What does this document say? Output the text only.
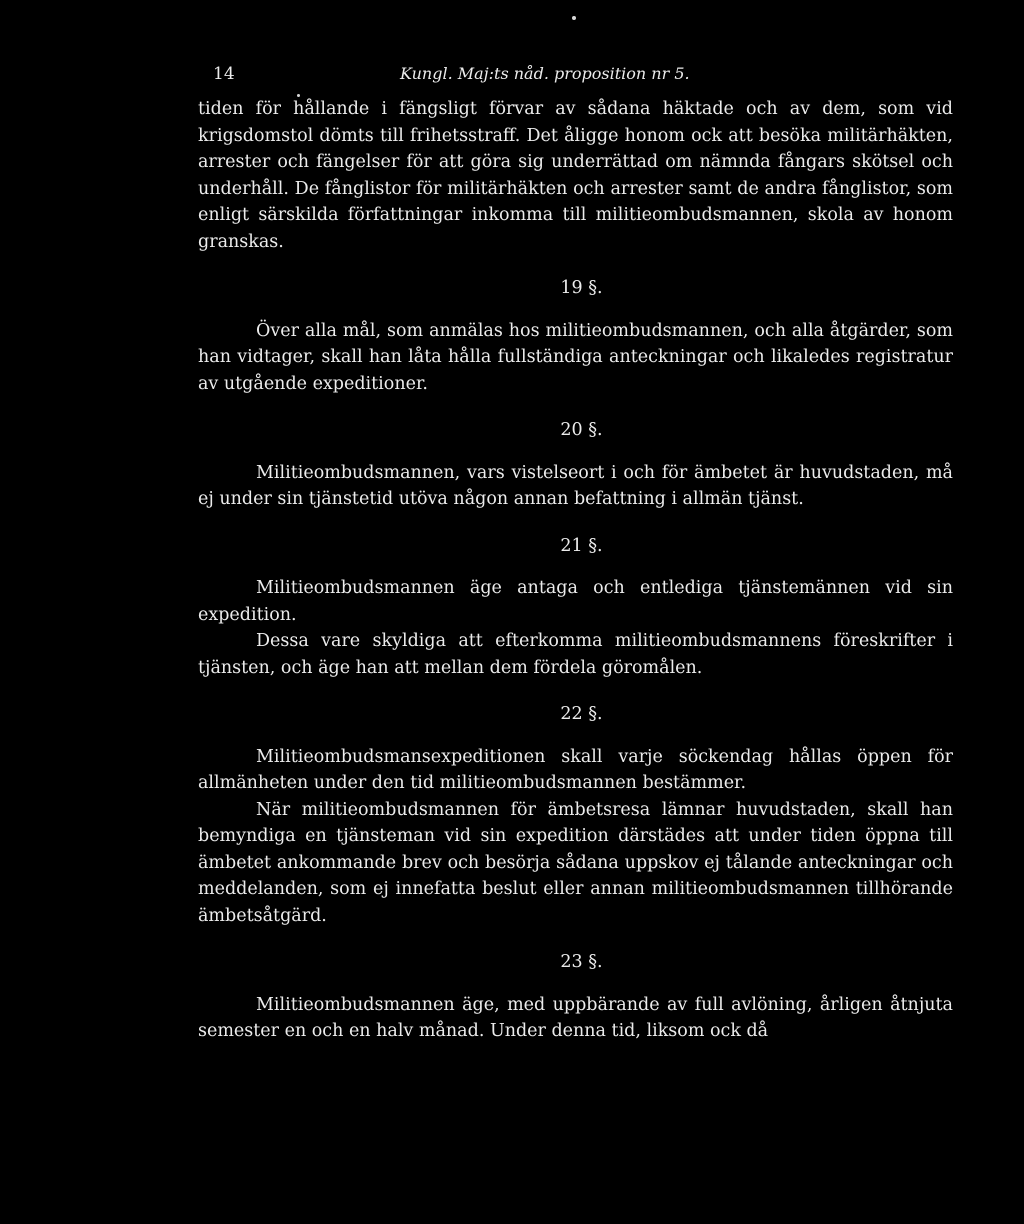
14	Kungl. Maj:ts nåd. proposition nr 5.

tiden för hållande i fängsligt förvar av sådana häktade och av dem, som vid krigsdomstol dömts till frihetsstraff. Det åligge honom ock att besöka militärhäkten, arrester och fängelser för att göra sig underrättad om nämnda fångars skötsel och underhåll. De fånglistor för militärhäkten och arrester samt de andra fånglistor, som enligt särskilda författningar inkomma till militieombudsmannen, skola av honom granskas.

19 §.

Över alla mål, som anmälas hos militieombudsmannen, och alla åtgärder, som han vidtager, skall han låta hålla fullständiga anteckningar och likaledes registratur av utgående expeditioner.

20 §.

Militieombudsmannen, vars vistelseort i och för ämbetet är huvudstaden, må ej under sin tjänstetid utöva någon annan befattning i allmän tjänst.

21 §.

Militieombudsmannen äge antaga och entlediga tjänstemännen vid sin expedition.

Dessa vare skyldiga att efterkomma militieombudsmannens föreskrifter i tjänsten, och äge han att mellan dem fördela göromålen.

22 §.

Militieombudsmansexpeditionen skall varje söckendag hållas öppen för allmänheten under den tid militieombudsmannen bestämmer.

När militieombudsmannen för ämbetsresa lämnar huvudstaden, skall han bemyndiga en tjänsteman vid sin expedition därstädes att under tiden öppna till ämbetet ankommande brev och besörja sådana uppskov ej tålande anteckningar och meddelanden, som ej innefatta beslut eller annan militieombudsmannen tillhörande ämbetsåtgärd.

23 §.

Militieombudsmannen äge, med uppbärande av full avlöning, årligen åtnjuta semester en och en halv månad. Under denna tid, liksom ock då
